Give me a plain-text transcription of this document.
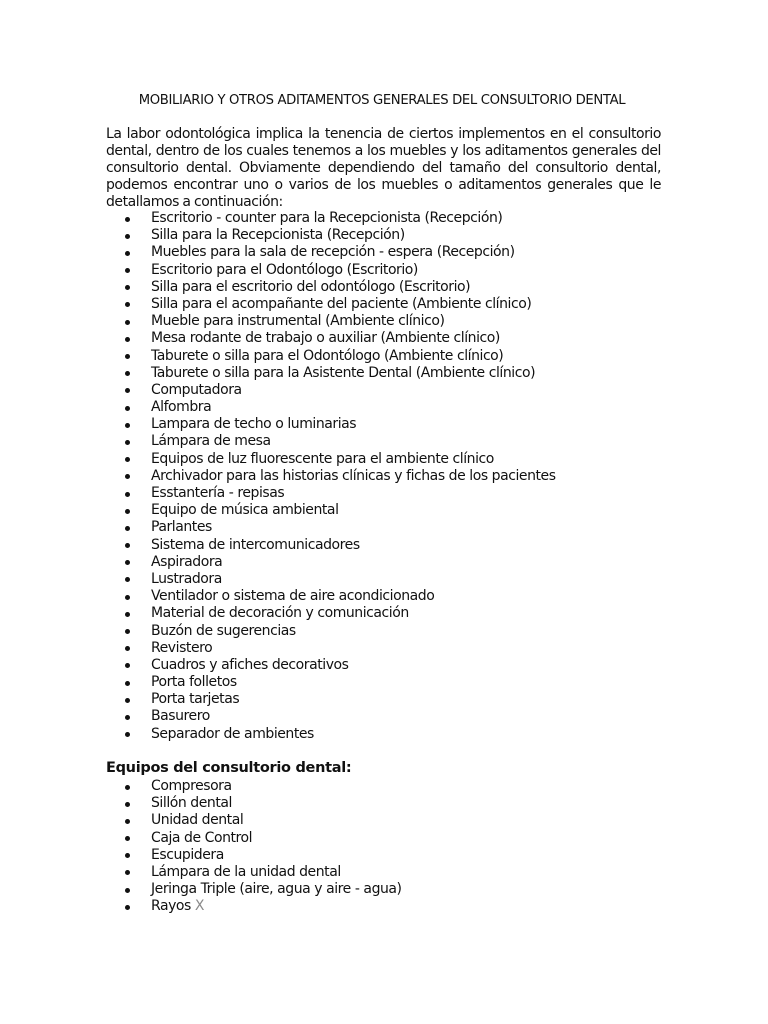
MOBILIARIO Y OTROS ADITAMENTOS GENERALES DEL CONSULTORIO DENTAL

La labor odontológica implica la tenencia de ciertos implementos en el consultorio dental, dentro de los cuales tenemos a los muebles y los aditamentos generales del consultorio dental. Obviamente dependiendo del tamaño del consultorio dental, podemos encontrar uno o varios de los muebles o aditamentos generales que le detallamos a continuación:

Escritorio - counter para la Recepcionista (Recepción)
Silla para la Recepcionista (Recepción)
Muebles para la sala de recepción - espera (Recepción)
Escritorio para el Odontólogo (Escritorio)
Silla para el escritorio del odontólogo (Escritorio)
Silla para el acompañante del paciente (Ambiente clínico)
Mueble para instrumental (Ambiente clínico)
Mesa rodante de trabajo o auxiliar (Ambiente clínico)
Taburete o silla para el Odontólogo (Ambiente clínico)
Taburete o silla para la Asistente Dental (Ambiente clínico)
Computadora
Alfombra
Lampara de techo o luminarias
Lámpara de mesa
Equipos de luz fluorescente para el ambiente clínico
Archivador para las historias clínicas y fichas de los pacientes
Esstantería - repisas
Equipo de música ambiental
Parlantes
Sistema de intercomunicadores
Aspiradora
Lustradora
Ventilador o sistema de aire acondicionado
Material de decoración y comunicación
Buzón de sugerencias
Revistero
Cuadros y afiches decorativos
Porta folletos
Porta tarjetas
Basurero
Separador de ambientes
Equipos del consultorio dental:
Compresora
Sillón dental
Unidad dental
Caja de Control
Escupidera
Lámpara de la unidad dental
Jeringa Triple (aire, agua y aire - agua)
Rayos X
